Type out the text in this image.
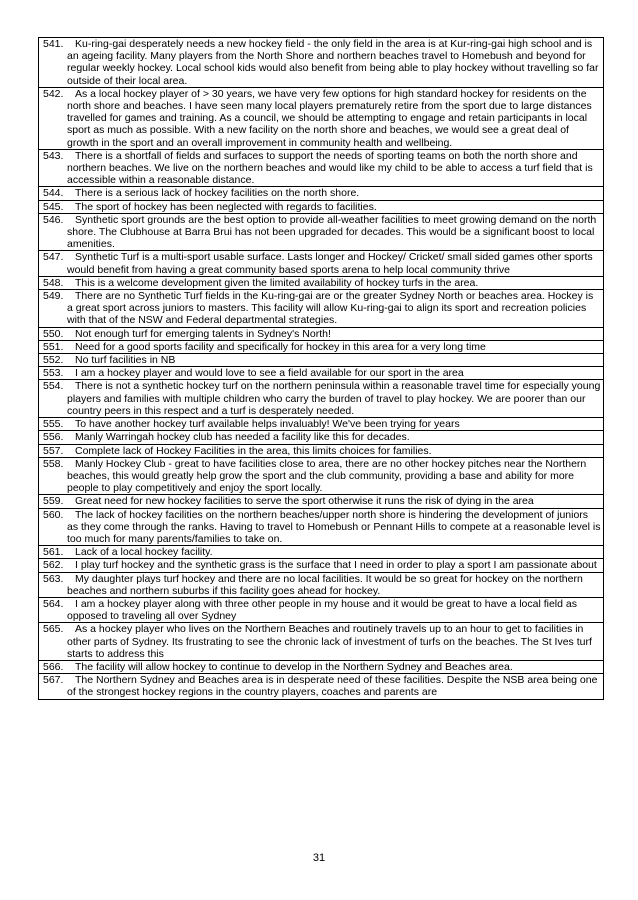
541. Ku-ring-gai desperately needs a new hockey field - the only field in the area is at Kur-ring-gai high school and is an ageing facility. Many players from the North Shore and northern beaches travel to Homebush and beyond for regular weekly hockey. Local school kids would also benefit from being able to play hockey without travelling so far outside of their local area.

542. As a local hockey player of > 30 years, we have very few options for high standard hockey for residents on the north shore and beaches. I have seen many local players prematurely retire from the sport due to large distances travelled for games and training. As a council, we should be attempting to engage and retain participants in local sport as much as possible. With a new facility on the north shore and beaches, we would see a great deal of growth in the sport and an overall improvement in community health and wellbeing.

543. There is a shortfall of fields and surfaces to support the needs of sporting teams on both the north shore and northern beaches. We live on the northern beaches and would like my child to be able to access a turf field that is accessible within a reasonable distance.

544. There is a serious lack of hockey facilities on the north shore.

545. The sport of hockey has been neglected with regards to facilities.

546. Synthetic sport grounds are the best option to provide all-weather facilities to meet growing demand on the north shore. The Clubhouse at Barra Brui has not been upgraded for decades. This would be a significant boost to local amenities.

547. Synthetic Turf is a multi-sport usable surface. Lasts longer and Hockey/ Cricket/ small sided games other sports would benefit from having a great community based sports arena to help local community thrive

548. This is a welcome development given the limited availability of hockey turfs in the area.

549. There are no Synthetic Turf fields in the Ku-ring-gai are or the greater Sydney North or beaches area. Hockey is a great sport across juniors to masters. This facility will allow Ku-ring-gai to align its sport and recreation policies with that of the NSW and Federal departmental strategies.

550. Not enough turf for emerging talents in Sydney's North!

551. Need for a good sports facility and specifically for hockey in this area for a very long time

552. No turf facilities in NB

553. I am a hockey player and would love to see a field available for our sport in the area

554. There is not a synthetic hockey turf on the northern peninsula within a reasonable travel time for especially young players and families with multiple children who carry the burden of travel to play hockey. We are poorer than our country peers in this respect and a turf is desperately needed.

555. To have another hockey turf available helps invaluably! We've been trying for years

556. Manly Warringah hockey club has needed a facility like this for decades.

557. Complete lack of Hockey Facilities in the area, this limits choices for families.

558. Manly Hockey Club - great to have facilities close to area, there are no other hockey pitches near the Northern beaches, this would greatly help grow the sport and the club community, providing a base and ability for more people to play competitively and enjoy the sport locally.

559. Great need for new hockey facilities to serve the sport otherwise it runs the risk of dying in the area

560. The lack of hockey facilities on the northern beaches/upper north shore is hindering the development of juniors as they come through the ranks. Having to travel to Homebush or Pennant Hills to compete at a reasonable level is too much for many parents/families to take on.

561. Lack of a local hockey facility.

562. I play turf hockey and the synthetic grass is the surface that I need in order to play a sport I am passionate about

563. My daughter plays turf hockey and there are no local facilities. It would be so great for hockey on the northern beaches and northern suburbs if this facility goes ahead for hockey.

564. I am a hockey player along with three other people in my house and it would be great to have a local field as opposed to traveling all over Sydney

565. As a hockey player who lives on the Northern Beaches and routinely travels up to an hour to get to facilities in other parts of Sydney. Its frustrating to see the chronic lack of investment of turfs on the beaches. The St Ives turf starts to address this

566. The facility will allow hockey to continue to develop in the Northern Sydney and Beaches area.

567. The Northern Sydney and Beaches area is in desperate need of these facilities. Despite the NSB area being one of the strongest hockey regions in the country players, coaches and parents are
31
